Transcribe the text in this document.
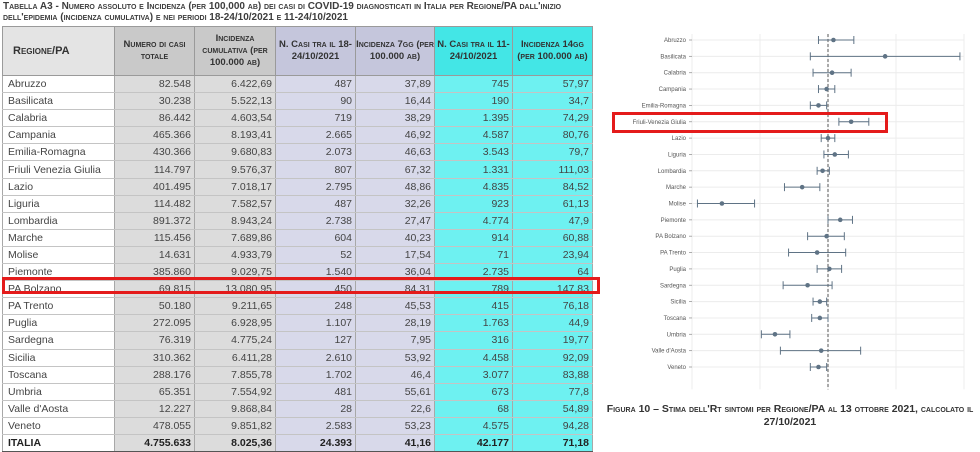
Tabella A3 - Numero assoluto e Incidenza (per 100,000 ab) dei casi di COVID-19 diagnosticati in Italia per Regione/PA dall'inizio dell'epidemia (incidenza cumulativa) e nei periodi 18-24/10/2021 e 11-24/10/2021
Regione/PA	Numero di casi totale	Incidenza cumulativa (per 100.000 ab)	N. Casi tra il 18-24/10/2021	Incidenza 7gg (per 100.000 ab)	N. Casi tra il 11-24/10/2021	Incidenza 14gg (per 100.000 ab)
Abruzzo	82.548	6.422,69	487	37,89	745	57,97
Basilicata	30.238	5.522,13	90	16,44	190	34,7
Calabria	86.442	4.603,54	719	38,29	1.395	74,29
Campania	465.366	8.193,41	2.665	46,92	4.587	80,76
Emilia-Romagna	430.366	9.680,83	2.073	46,63	3.543	79,7
Friuli Venezia Giulia	114.797	9.576,37	807	67,32	1.331	111,03
Lazio	401.495	7.018,17	2.795	48,86	4.835	84,52
Liguria	114.482	7.582,57	487	32,26	923	61,13
Lombardia	891.372	8.943,24	2.738	27,47	4.774	47,9
Marche	115.456	7.689,86	604	40,23	914	60,88
Molise	14.631	4.933,79	52	17,54	71	23,94
Piemonte	385.860	9.029,75	1.540	36,04	2.735	64
PA Bolzano	69.815	13.080,95	450	84,31	789	147,83
PA Trento	50.180	9.211,65	248	45,53	415	76,18
Puglia	272.095	6.928,95	1.107	28,19	1.763	44,9
Sardegna	76.319	4.775,24	127	7,95	316	19,77
Sicilia	310.362	6.411,28	2.610	53,92	4.458	92,09
Toscana	288.176	7.855,78	1.702	46,4	3.077	83,88
Umbria	65.351	7.554,92	481	55,61	673	77,8
Valle d'Aosta	12.227	9.868,84	28	22,6	68	54,89
Veneto	478.055	9.851,82	2.583	53,23	4.575	94,28
ITALIA	4.755.633	8.025,36	24.393	41,16	42.177	71,18
Abruzzo
Basilicata
Calabria
Campania
Emilia-Romagna
Friuli-Venezia Giulia
Lazio
Liguria
Lombardia
Marche
Molise
Piemonte
PA Bolzano
PA Trento
Puglia
Sardegna
Sicilia
Toscana
Umbria
Valle d'Aosta
Veneto
Figura 10 – Stima dell'Rt sintomi per Regione/PA al 13 ottobre 2021, calcolato il 27/10/2021
